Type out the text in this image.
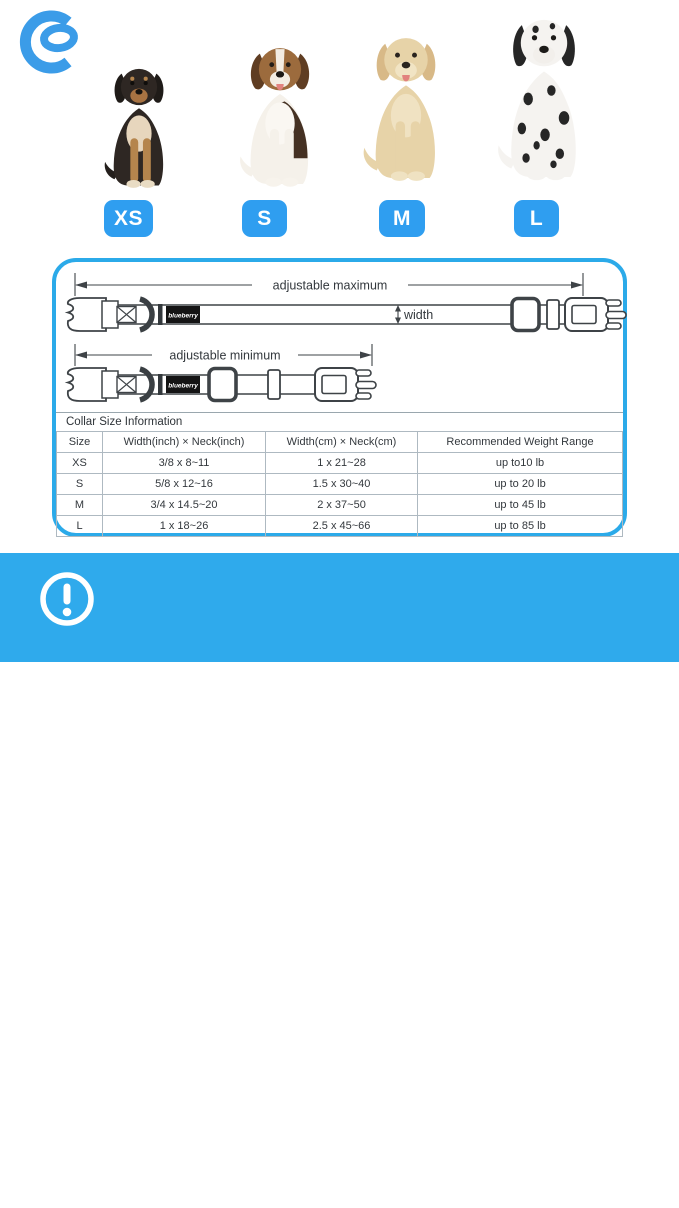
XS	S	M	L
adjustable maximum
blueberry	width
adjustable minimum
blueberry
Collar Size Information
Size	Width(inch) × Neck(inch)	Width(cm) × Neck(cm)	Recommended Weight Range
XS	3/8 x 8~11	1 x 21~28	up to10 lb
S	5/8 x 12~16	1.5 x 30~40	up to 20 lb
M	3/4 x 14.5~20	2 x 37~50	up to 45 lb
L	1 x 18~26	2.5 x 45~66	up to 85 lb
Tips: Measure the circumference of pet's neck. It should be snug enough to fit 2 fingers between dog's neck and their collar.
